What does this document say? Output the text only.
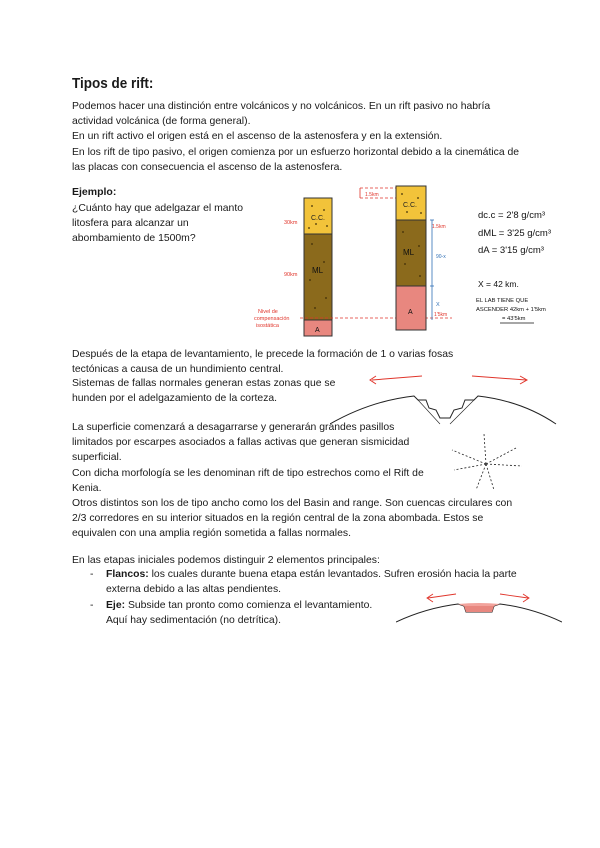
Tipos de rift:
Podemos hacer una distinción entre volcánicos y no volcánicos. En un rift pasivo no habría actividad volcánica (de forma general).
En un rift activo el origen está en el ascenso de la astenosfera y en la extensión.
En los rift de tipo pasivo, el origen comienza por un esfuerzo horizontal debido a la cinemática de las placas con consecuencia el ascenso de la astenosfera.
Ejemplo:
¿Cuánto hay que adelgazar el manto litosfera para alcanzar un abombamiento de 1500m?
C.C.
ML
A
30km
90km
1.5km
Nivel de compensación isostática
C.C.
ML
A
90-x
X
1.5km
1'5km
dc.c = 2'8 g/cm³
dML = 3'25 g/cm³
dA = 3'15 g/cm³
X = 42 km.
EL LAB TIENE QUE ASCENDER 42km + 1'5km = 43'5km
Después de la etapa de levantamiento, le precede la formación de 1 o varias fosas tectónicas a causa de un hundimiento central.
Sistemas de fallas normales generan estas zonas que se hunden por el adelgazamiento de la corteza.
La superficie comenzará a desagarrarse y generarán grandes pasillos limitados por escarpes asociados a fallas activas que generan sismicidad superficial.
Con dicha morfología se les denominan rift de tipo estrechos como el Rift de Kenia.
Otros distintos son los de tipo ancho como los del Basin and range. Son cuencas circulares con 2/3 corredores en su interior situados en la región central de la zona abombada. Estos se equivalen con una amplia región sometida a fallas normales.
En las etapas iniciales podemos distinguir 2 elementos principales:
- Flancos: los cuales durante buena etapa están levantados. Sufren erosión hacia la parte externa debido a las altas pendientes.
- Eje: Subside tan pronto como comienza el levantamiento. Aquí hay sedimentación (no detrítica).
